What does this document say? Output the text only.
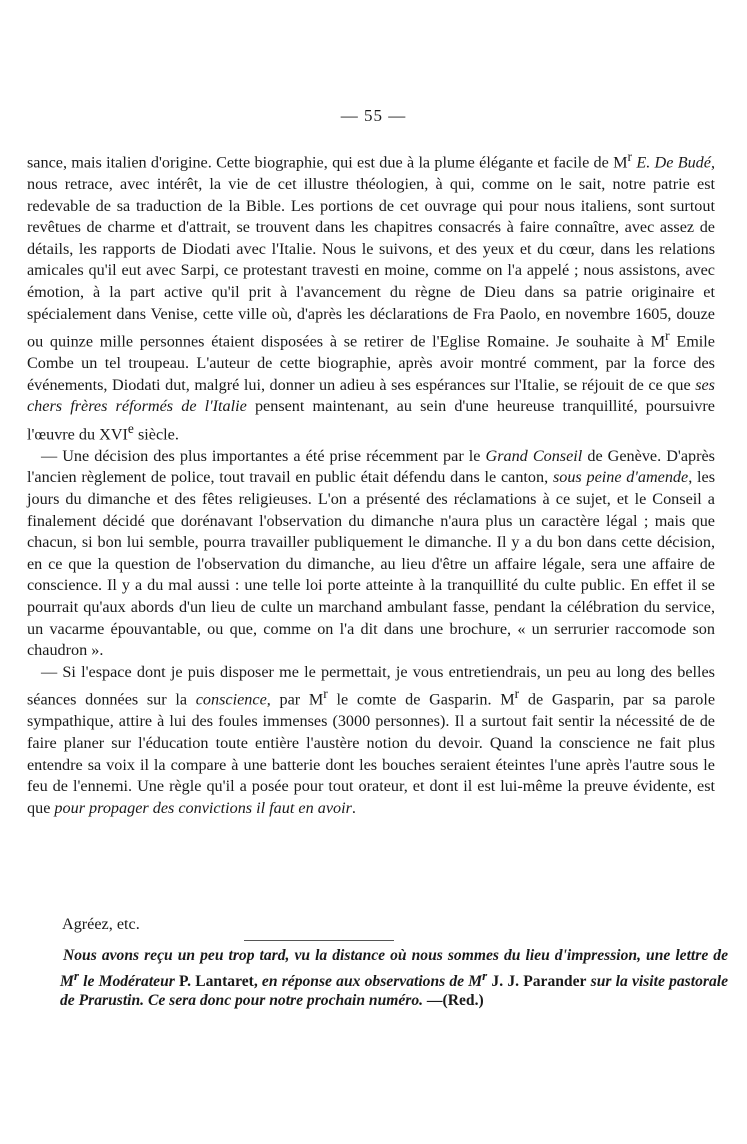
— 55 —

sance, mais italien d'origine. Cette biographie, qui est due à la plume élégante et facile de $M^r$ E. De Budé, nous retrace, avec intérêt, la vie de cet illustre théologien, à qui, comme on le sait, notre patrie est redevable de sa traduction de la Bible. Les portions de cet ouvrage qui pour nous italiens, sont surtout revêtues de charme et d'attrait, se trouvent dans les chapitres consacrés à faire connaître, avec assez de détails, les rapports de Diodati avec l'Italie. Nous le suivons, et des yeux et du cœur, dans les relations amicales qu'il eut avec Sarpi, ce protestant travesti en moine, comme on l'a appelé ; nous assistons, avec émotion, à la part active qu'il prit à l'avancement du règne de Dieu dans sa patrie originaire et spécialement dans Venise, cette ville où, d'après les déclarations de Fra Paolo, en novembre 1605, douze ou quinze mille personnes étaient disposées à se retirer de l'Eglise Romaine. Je souhaite à $M^r$ Emile Combe un tel troupeau. L'auteur de cette biographie, après avoir montré comment, par la force des événements, Diodati dut, malgré lui, donner un adieu à ses espérances sur l'Italie, se réjouit de ce que ses chers frères réformés de l'Italie pensent maintenant, au sein d'une heureuse tranquillité, poursuivre l'œuvre du XVIe siècle.

— Une décision des plus importantes a été prise récemment par le Grand Conseil de Genève. D'après l'ancien règlement de police, tout travail en public était défendu dans le canton, sous peine d'amende, les jours du dimanche et des fêtes religieuses. L'on a présenté des réclamations à ce sujet, et le Conseil a finalement décidé que dorénavant l'observation du dimanche n'aura plus un caractère légal ; mais que chacun, si bon lui semble, pourra travailler publiquement le dimanche. Il y a du bon dans cette décision, en ce que la question de l'observation du dimanche, au lieu d'être un affaire légale, sera une affaire de conscience. Il y a du mal aussi : une telle loi porte atteinte à la tranquillité du culte public. En effet il se pourrait qu'aux abords d'un lieu de culte un marchand ambulant fasse, pendant la célébration du service, un vacarme épouvantable, ou que, comme on l'a dit dans une brochure, « un serrurier raccomode son chaudron ».

— Si l'espace dont je puis disposer me le permettait, je vous entretiendrais, un peu au long des belles séances données sur la conscience, par $M^r$ le comte de Gasparin. $M^r$ de Gasparin, par sa parole sympathique, attire à lui des foules immenses (3000 personnes). Il a surtout fait sentir la nécessité de de faire planer sur l'éducation toute entière l'austère notion du devoir. Quand la conscience ne fait plus entendre sa voix il la compare à une batterie dont les bouches seraient éteintes l'une après l'autre sous le feu de l'ennemi. Une règle qu'il a posée pour tout orateur, et dont il est lui-même la preuve évidente, est que pour propager des convictions il faut en avoir.

Agréez, etc.
Nous avons reçu un peu trop tard, vu la distance où nous sommes du lieu d'impression, une lettre de $M^r$ le Modérateur P. Lantaret, en réponse aux observations de $M^r$ J. J. Parander sur la visite pastorale de Prarustin. Ce sera donc pour notre prochain numéro. —(Red.)
